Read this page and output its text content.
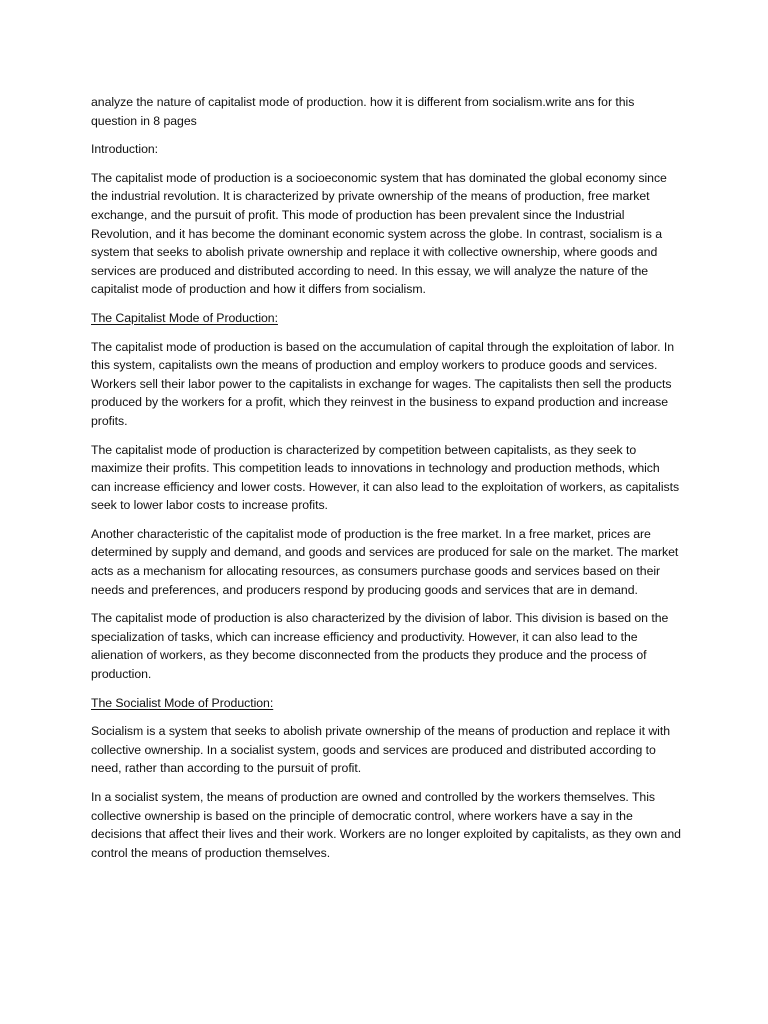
analyze the nature of capitalist mode of production. how it is different from socialism.write ans for this question in 8 pages

Introduction:

The capitalist mode of production is a socioeconomic system that has dominated the global economy since the industrial revolution. It is characterized by private ownership of the means of production, free market exchange, and the pursuit of profit. This mode of production has been prevalent since the Industrial Revolution, and it has become the dominant economic system across the globe. In contrast, socialism is a system that seeks to abolish private ownership and replace it with collective ownership, where goods and services are produced and distributed according to need. In this essay, we will analyze the nature of the capitalist mode of production and how it differs from socialism.

The Capitalist Mode of Production:

The capitalist mode of production is based on the accumulation of capital through the exploitation of labor. In this system, capitalists own the means of production and employ workers to produce goods and services. Workers sell their labor power to the capitalists in exchange for wages. The capitalists then sell the products produced by the workers for a profit, which they reinvest in the business to expand production and increase profits.

The capitalist mode of production is characterized by competition between capitalists, as they seek to maximize their profits. This competition leads to innovations in technology and production methods, which can increase efficiency and lower costs. However, it can also lead to the exploitation of workers, as capitalists seek to lower labor costs to increase profits.

Another characteristic of the capitalist mode of production is the free market. In a free market, prices are determined by supply and demand, and goods and services are produced for sale on the market. The market acts as a mechanism for allocating resources, as consumers purchase goods and services based on their needs and preferences, and producers respond by producing goods and services that are in demand.

The capitalist mode of production is also characterized by the division of labor. This division is based on the specialization of tasks, which can increase efficiency and productivity. However, it can also lead to the alienation of workers, as they become disconnected from the products they produce and the process of production.

The Socialist Mode of Production:

Socialism is a system that seeks to abolish private ownership of the means of production and replace it with collective ownership. In a socialist system, goods and services are produced and distributed according to need, rather than according to the pursuit of profit.

In a socialist system, the means of production are owned and controlled by the workers themselves. This collective ownership is based on the principle of democratic control, where workers have a say in the decisions that affect their lives and their work. Workers are no longer exploited by capitalists, as they own and control the means of production themselves.
